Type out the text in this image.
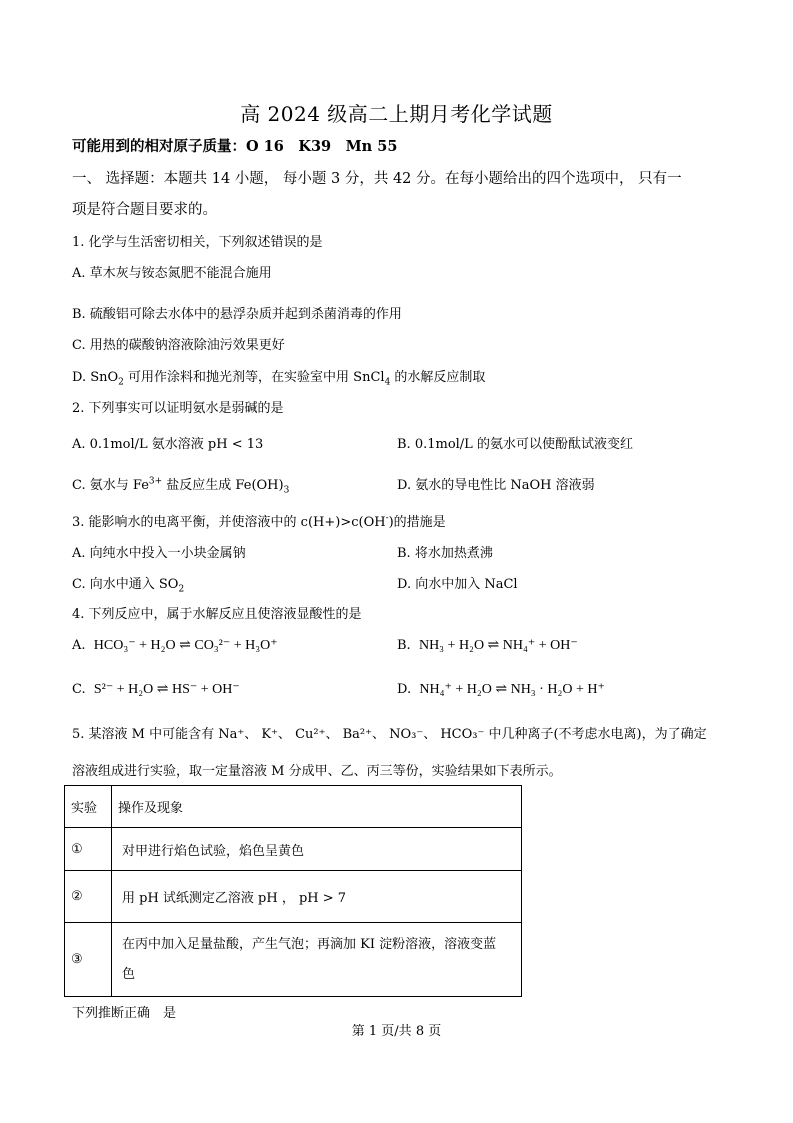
高 2024 级高二上期月考化学试题
可能用到的相对原子质量：O 16　K39　Mn 55
一、 选择题：本题共 14 小题， 每小题 3 分，共 42 分。在每小题给出的四个选项中， 只有一
项是符合题目要求的。
1. 化学与生活密切相关，下列叙述错误的是
A. 草木灰与铵态氮肥不能混合施用
B. 硫酸铝可除去水体中的悬浮杂质并起到杀菌消毒的作用
C. 用热的碳酸钠溶液除油污效果更好
D. SnO$_2$ 可用作涂料和抛光剂等，在实验室中用 SnCl$_4$ 的水解反应制取
2. 下列事实可以证明氨水是弱碱的是
A. 0.1mol/L 氨水溶液 pH < 13	B. 0.1mol/L 的氨水可以使酚酞试液变红
C. 氨水与 $Fe^{3+}$ 盐反应生成 $Fe(OH)_3$	D. 氨水的导电性比 NaOH 溶液弱
3. 能影响水的电离平衡，并使溶液中的 c(H+)>c(OH-)的措施是
A. 向纯水中投入一小块金属钠	B. 将水加热煮沸
C. 向水中通入 $SO_2$	D. 向水中加入 NaCl
4. 下列反应中，属于水解反应且使溶液显酸性的是
A. HCO₃⁻ + H₂O ⇌ CO₃²⁻ + H₃O⁺	B. NH₃ + H₂O ⇌ NH₄⁺ + OH⁻
C. S²⁻ + H₂O ⇌ HS⁻ + OH⁻	D. NH₄⁺ + H₂O ⇌ NH₃ · H₂O + H⁺
5. 某溶液 M 中可能含有 Na⁺、 K⁺、 Cu²⁺、 Ba²⁺、 NO₃⁻、 HCO₃⁻ 中几种离子(不考虑水电离)，为了确定
溶液组成进行实验，取一定量溶液 M 分成甲、乙、丙三等份，实验结果如下表所示。
实验	操作及现象
①	对甲进行焰色试验，焰色呈黄色
②	用 pH 试纸测定乙溶液 pH ， pH > 7
③	在丙中加入足量盐酸，产生气泡；再滴加 KI 淀粉溶液，溶液变蓝
色
下列推断正确　是
第 1 页/共 8 页
